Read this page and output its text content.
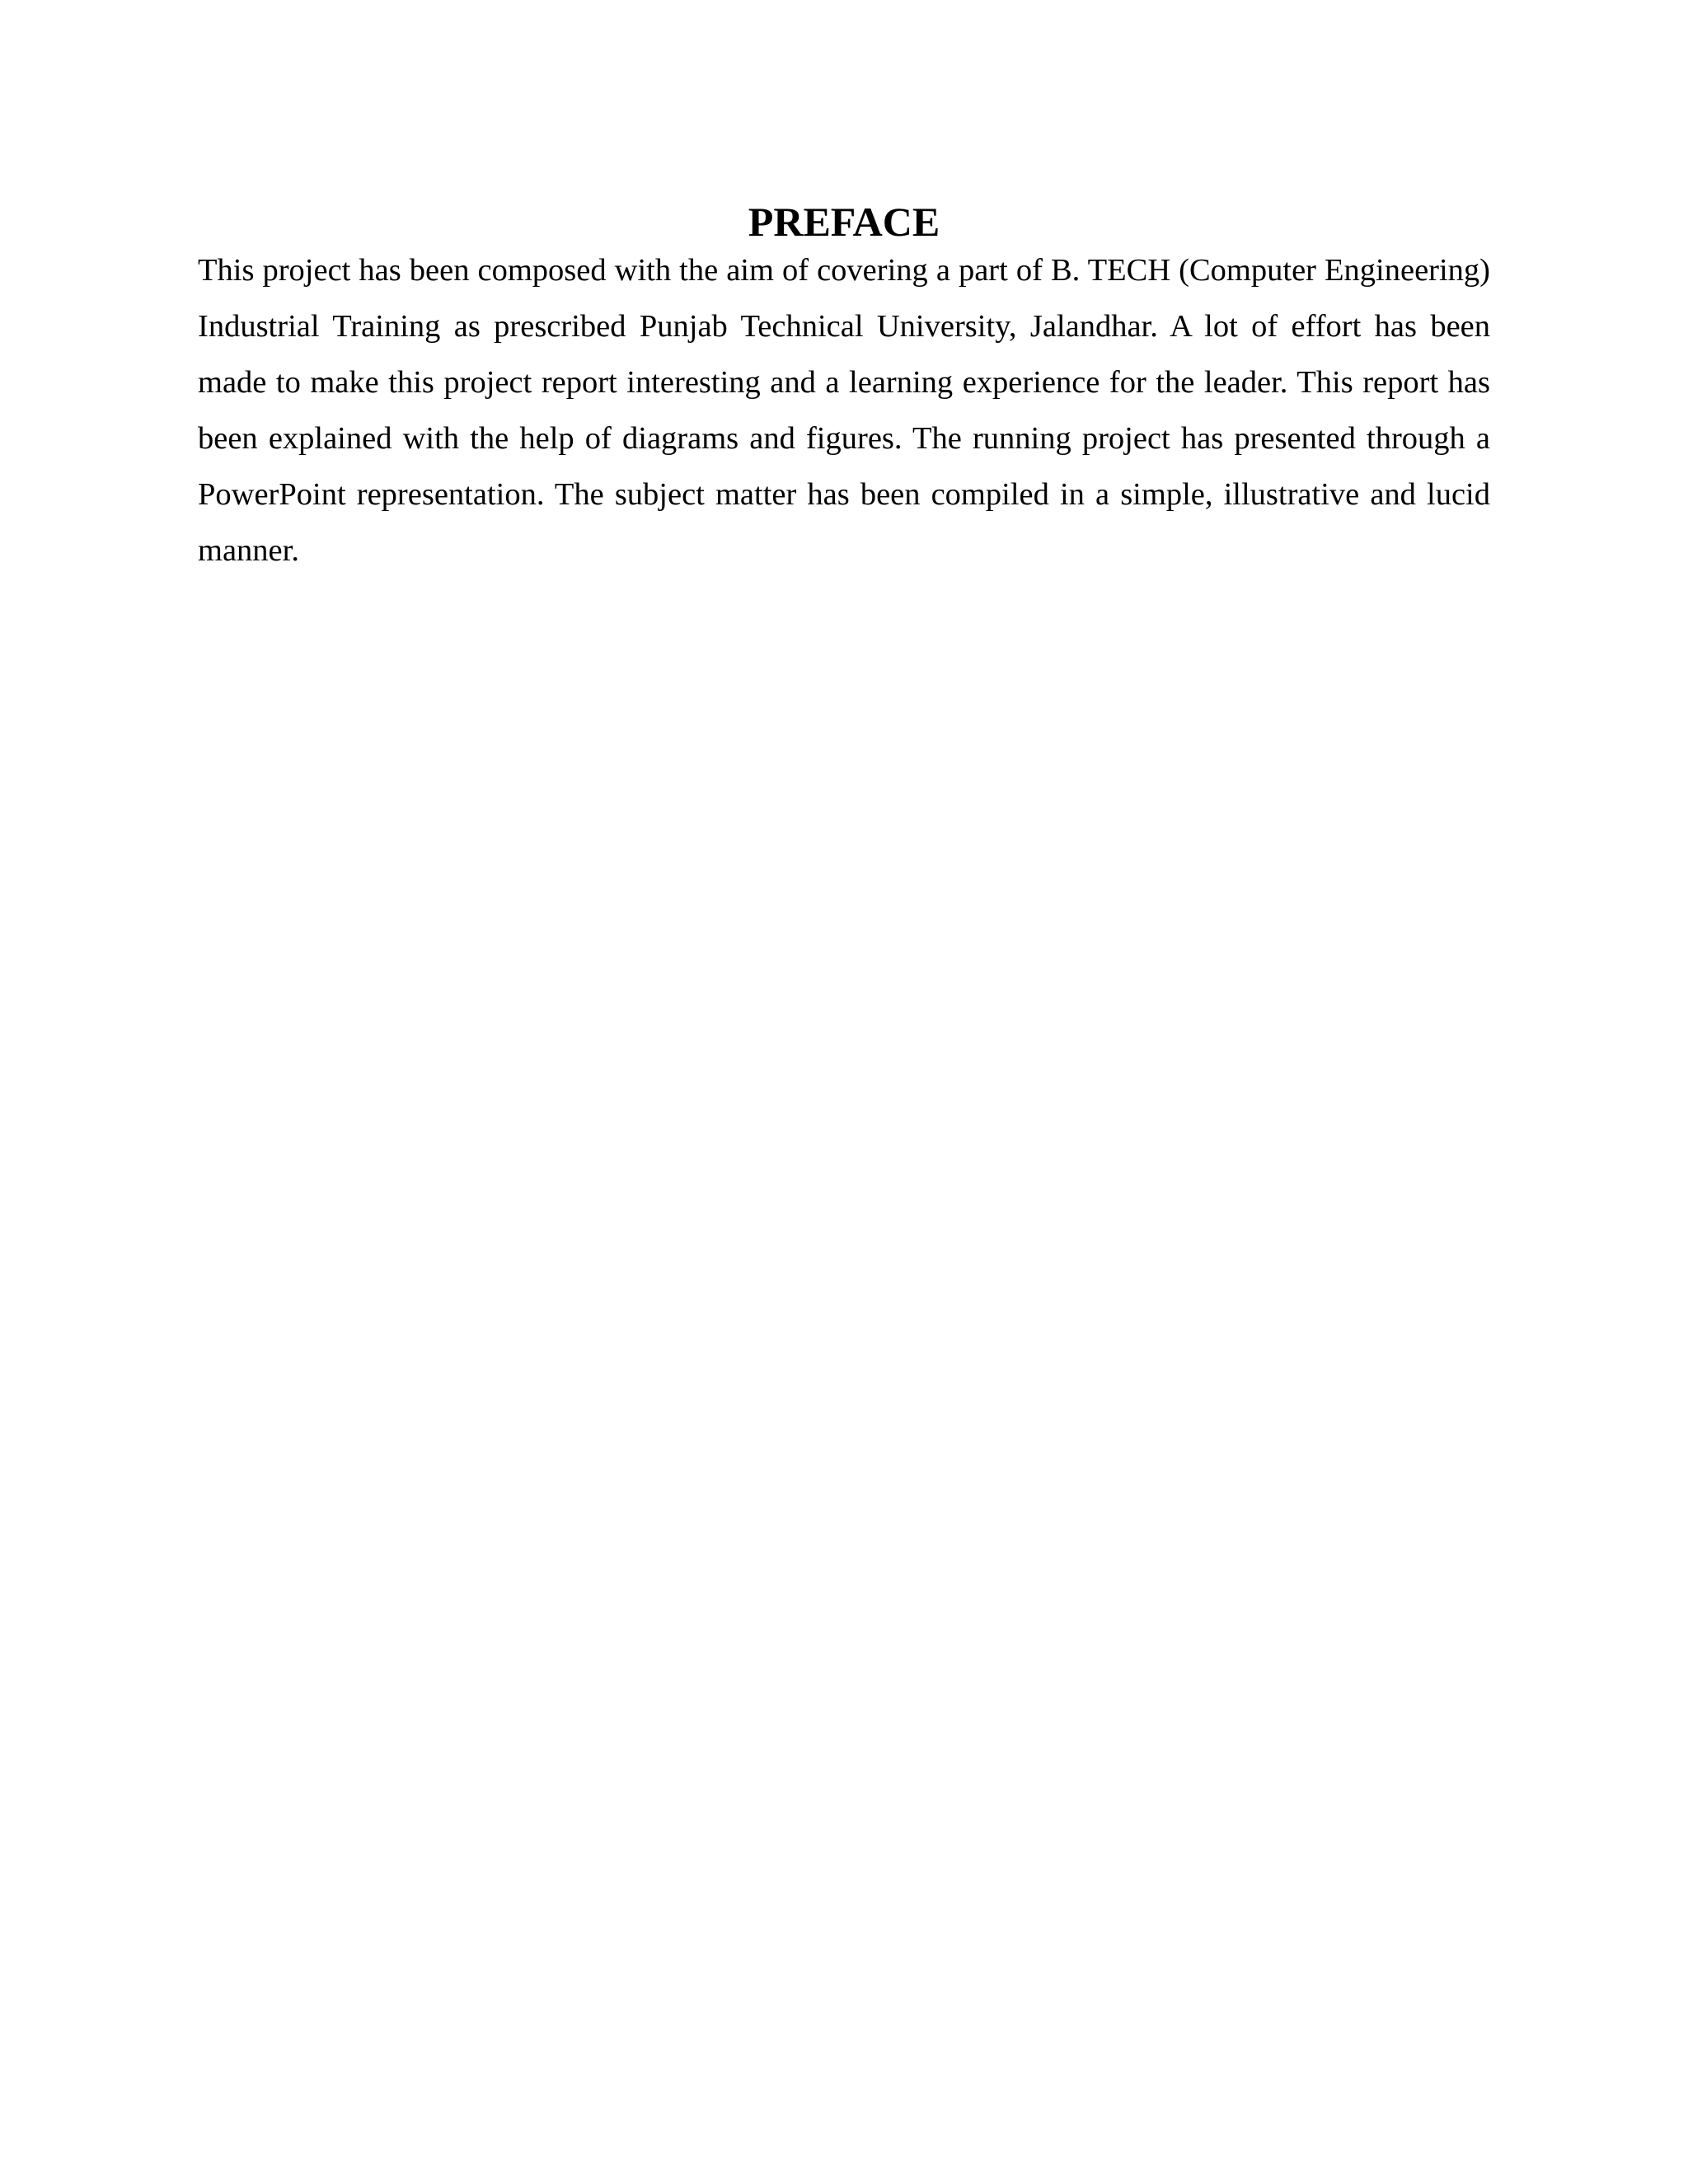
PREFACE

This project has been composed with the aim of covering a part of B. TECH (Computer Engineering) Industrial Training as prescribed Punjab Technical University, Jalandhar. A lot of effort has been made to make this project report interesting and a learning experience for the leader. This report has been explained with the help of diagrams and figures. The running project has presented through a PowerPoint representation. The subject matter has been compiled in a simple, illustrative and lucid manner.
